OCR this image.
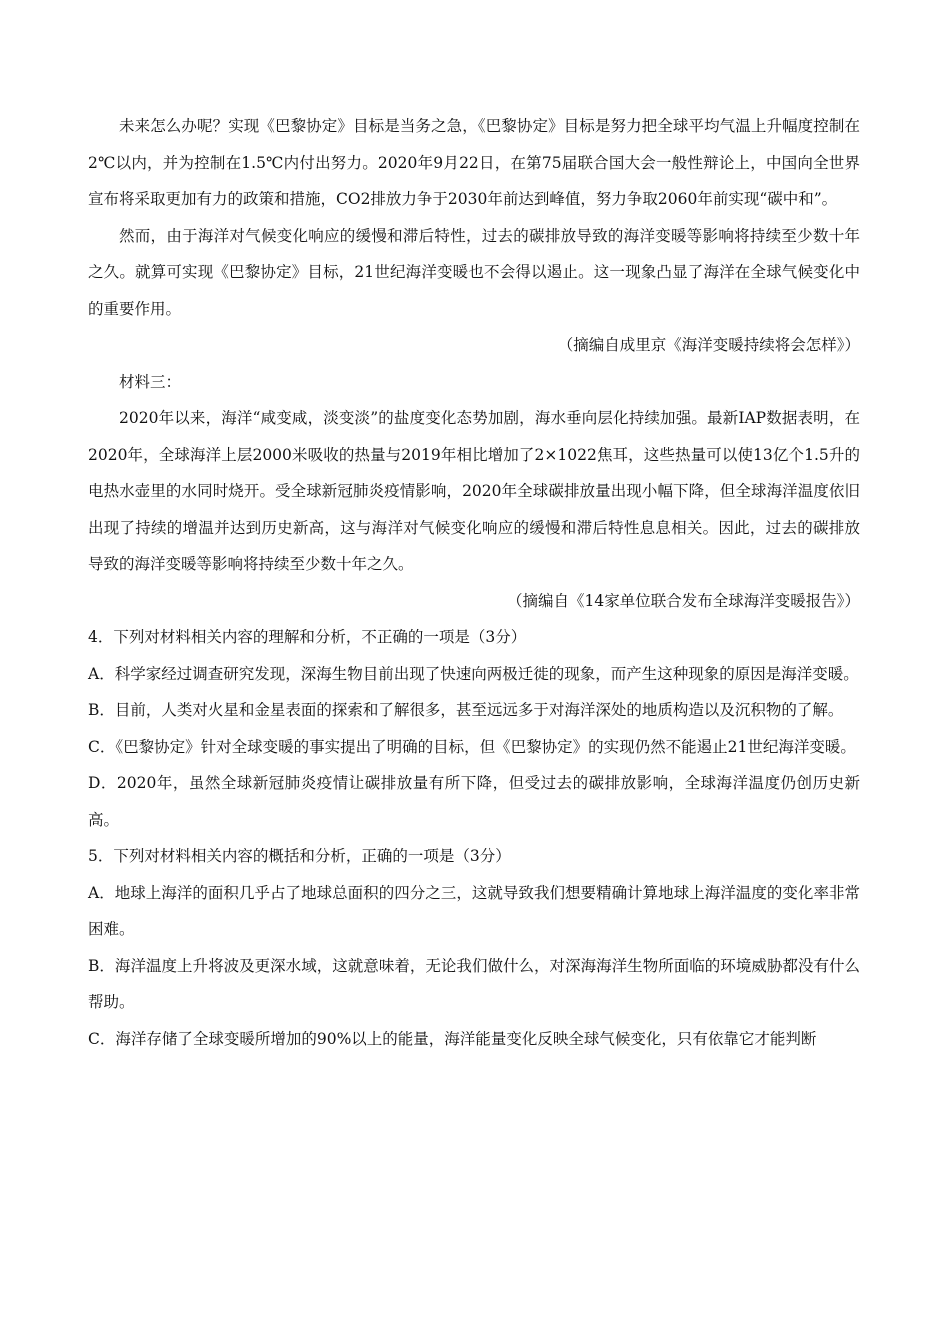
未来怎么办呢？实现《巴黎协定》目标是当务之急，《巴黎协定》目标是努力把全球平均气温上升幅度控制在2℃以内，并为控制在1.5℃内付出努力。2020年9月22日，在第75届联合国大会一般性辩论上，中国向全世界宣布将采取更加有力的政策和措施，CO2排放力争于2030年前达到峰值，努力争取2060年前实现“碳中和”。

然而，由于海洋对气候变化响应的缓慢和滞后特性，过去的碳排放导致的海洋变暖等影响将持续至少数十年之久。就算可实现《巴黎协定》目标，21世纪海洋变暖也不会得以遏止。这一现象凸显了海洋在全球气候变化中的重要作用。

（摘编自成里京《海洋变暖持续将会怎样》）

材料三：

2020年以来，海洋“咸变咸，淡变淡”的盐度变化态势加剧，海水垂向层化持续加强。最新IAP数据表明，在2020年，全球海洋上层2000米吸收的热量与2019年相比增加了2×1022焦耳，这些热量可以使13亿个1.5升的电热水壶里的水同时烧开。受全球新冠肺炎疫情影响，2020年全球碳排放量出现小幅下降，但全球海洋温度依旧出现了持续的增温并达到历史新高，这与海洋对气候变化响应的缓慢和滞后特性息息相关。因此，过去的碳排放导致的海洋变暖等影响将持续至少数十年之久。

（摘编自《14家单位联合发布全球海洋变暖报告》）

4．下列对材料相关内容的理解和分析，不正确的一项是（3分）

A．科学家经过调查研究发现，深海生物目前出现了快速向两极迁徙的现象，而产生这种现象的原因是海洋变暖。

B．目前，人类对火星和金星表面的探索和了解很多，甚至远远多于对海洋深处的地质构造以及沉积物的了解。

C．《巴黎协定》针对全球变暖的事实提出了明确的目标，但《巴黎协定》的实现仍然不能遏止21世纪海洋变暖。

D．2020年，虽然全球新冠肺炎疫情让碳排放量有所下降，但受过去的碳排放影响，全球海洋温度仍创历史新高。

5．下列对材料相关内容的概括和分析，正确的一项是（3分）

A．地球上海洋的面积几乎占了地球总面积的四分之三，这就导致我们想要精确计算地球上海洋温度的变化率非常困难。

B．海洋温度上升将波及更深水域，这就意味着，无论我们做什么，对深海海洋生物所面临的环境威胁都没有什么帮助。

C．海洋存储了全球变暖所增加的90%以上的能量，海洋能量变化反映全球气候变化，只有依靠它才能判断
